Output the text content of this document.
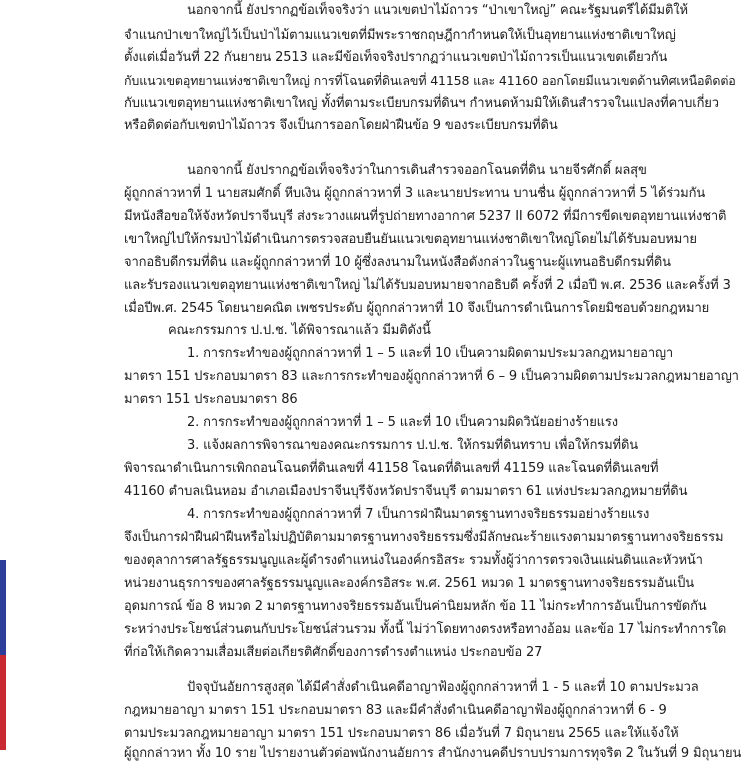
นอกจากนี้ ยังปรากฏข้อเท็จจริงว่า แนวเขตป่าไม้ถาวร “ป่าเขาใหญ่” คณะรัฐมนตรีได้มีมติให้
จำแนกป่าเขาใหญ่ไว้เป็นป่าไม้ตามแนวเขตที่มีพระราชกฤษฎีกากำหนดให้เป็นอุทยานแห่งชาติเขาใหญ่
ตั้งแต่เมื่อวันที่ 22 กันยายน 2513 และมีข้อเท็จจริงปรากฏว่าแนวเขตป่าไม้ถาวรเป็นแนวเขตเดียวกัน
กับแนวเขตอุทยานแห่งชาติเขาใหญ่ การที่โฉนดที่ดินเลขที่ 41158 และ 41160 ออกโดยมีแนวเขตด้านทิศเหนือติดต่อ
กับแนวเขตอุทยานแห่งชาติเขาใหญ่ ทั้งที่ตามระเบียบกรมที่ดินฯ กำหนดห้ามมิให้เดินสำรวจในแปลงที่คาบเกี่ยว
หรือติดต่อกับเขตป่าไม้ถาวร จึงเป็นการออกโดยฝ่าฝืนข้อ 9 ของระเบียบกรมที่ดิน
นอกจากนี้ ยังปรากฏข้อเท็จจริงว่าในการเดินสำรวจออกโฉนดที่ดิน นายจีรศักดิ์ ผลสุข
ผู้ถูกกล่าวหาที่ 1 นายสมศักดิ์ หีบเงิน ผู้ถูกกล่าวหาที่ 3 และนายประทาน บานชื่น ผู้ถูกกล่าวหาที่ 5 ได้ร่วมกัน
มีหนังสือขอให้จังหวัดปราจีนบุรี ส่งระวางแผนที่รูปถ่ายทางอากาศ 5237 II 6072 ที่มีการขีดเขตอุทยานแห่งชาติ
เขาใหญ่ไปให้กรมป่าไม้ดำเนินการตรวจสอบยืนยันแนวเขตอุทยานแห่งชาติเขาใหญ่โดยไม่ได้รับมอบหมาย
จากอธิบดีกรมที่ดิน และผู้ถูกกล่าวหาที่ 10 ผู้ซึ่งลงนามในหนังสือดังกล่าวในฐานะผู้แทนอธิบดีกรมที่ดิน
และรับรองแนวเขตอุทยานแห่งชาติเขาใหญ่ ไม่ได้รับมอบหมายจากอธิบดี ครั้งที่ 2 เมื่อปี พ.ศ. 2536 และครั้งที่ 3
เมื่อปีพ.ศ. 2545 โดยนายคณิต เพชรประดับ ผู้ถูกกล่าวหาที่ 10 จึงเป็นการดำเนินการโดยมิชอบด้วยกฎหมาย
คณะกรรมการ ป.ป.ช. ได้พิจารณาแล้ว มีมติดังนี้
1. การกระทำของผู้ถูกกล่าวหาที่ 1 – 5 และที่ 10 เป็นความผิดตามประมวลกฎหมายอาญา
มาตรา 151 ประกอบมาตรา 83 และการกระทำของผู้ถูกกล่าวหาที่ 6 – 9 เป็นความผิดตามประมวลกฎหมายอาญา
มาตรา 151 ประกอบมาตรา 86
2. การกระทำของผู้ถูกกล่าวหาที่ 1 – 5 และที่ 10 เป็นความผิดวินัยอย่างร้ายแรง
3. แจ้งผลการพิจารณาของคณะกรรมการ ป.ป.ช. ให้กรมที่ดินทราบ เพื่อให้กรมที่ดิน
พิจารณาดำเนินการเพิกถอนโฉนดที่ดินเลขที่ 41158 โฉนดที่ดินเลขที่ 41159 และโฉนดที่ดินเลขที่
41160 ตำบลเนินหอม อำเภอเมืองปราจีนบุรีจังหวัดปราจีนบุรี ตามมาตรา 61 แห่งประมวลกฎหมายที่ดิน
4. การกระทำของผู้ถูกกล่าวหาที่ 7 เป็นการฝ่าฝืนมาตรฐานทางจริยธรรมอย่างร้ายแรง
จึงเป็นการฝ่าฝืนฝ่าฝืนหรือไม่ปฏิบัติตามมาตรฐานทางจริยธรรมซึ่งมีลักษณะร้ายแรงตามมาตรฐานทางจริยธรรม
ของตุลาการศาลรัฐธรรมนูญและผู้ดำรงตำแหน่งในองค์กรอิสระ รวมทั้งผู้ว่าการตรวจเงินแผ่นดินและหัวหน้า
หน่วยงานธุรการของศาลรัฐธรรมนูญและองค์กรอิสระ พ.ศ. 2561 หมวด 1 มาตรฐานทางจริยธรรมอันเป็น
อุดมการณ์ ข้อ 8 หมวด 2 มาตรฐานทางจริยธรรมอันเป็นค่านิยมหลัก ข้อ 11 ไม่กระทำการอันเป็นการขัดกัน
ระหว่างประโยชน์ส่วนตนกับประโยชน์ส่วนรวม ทั้งนี้ ไม่ว่าโดยทางตรงหรือทางอ้อม และข้อ 17 ไม่กระทำการใด
ที่ก่อให้เกิดความเสื่อมเสียต่อเกียรติศักดิ์ของการดำรงตำแหน่ง ประกอบข้อ 27
ปัจจุบันอัยการสูงสุด ได้มีคำสั่งดำเนินคดีอาญาฟ้องผู้ถูกกล่าวหาที่ 1 - 5 และที่ 10 ตามประมวล
กฎหมายอาญา มาตรา 151 ประกอบมาตรา 83 และมีคำสั่งดำเนินคดีอาญาฟ้องผู้ถูกกล่าวหาที่ 6 - 9
ตามประมวลกฎหมายอาญา มาตรา 151 ประกอบมาตรา 86 เมื่อวันที่ 7 มิถุนายน 2565 และให้แจ้งให้
ผู้ถูกกล่าวหา ทั้ง 10 ราย ไปรายงานตัวต่อพนักงานอัยการ สำนักงานคดีปราบปรามการทุจริต 2 ในวันที่ 9 มิถุนายน
